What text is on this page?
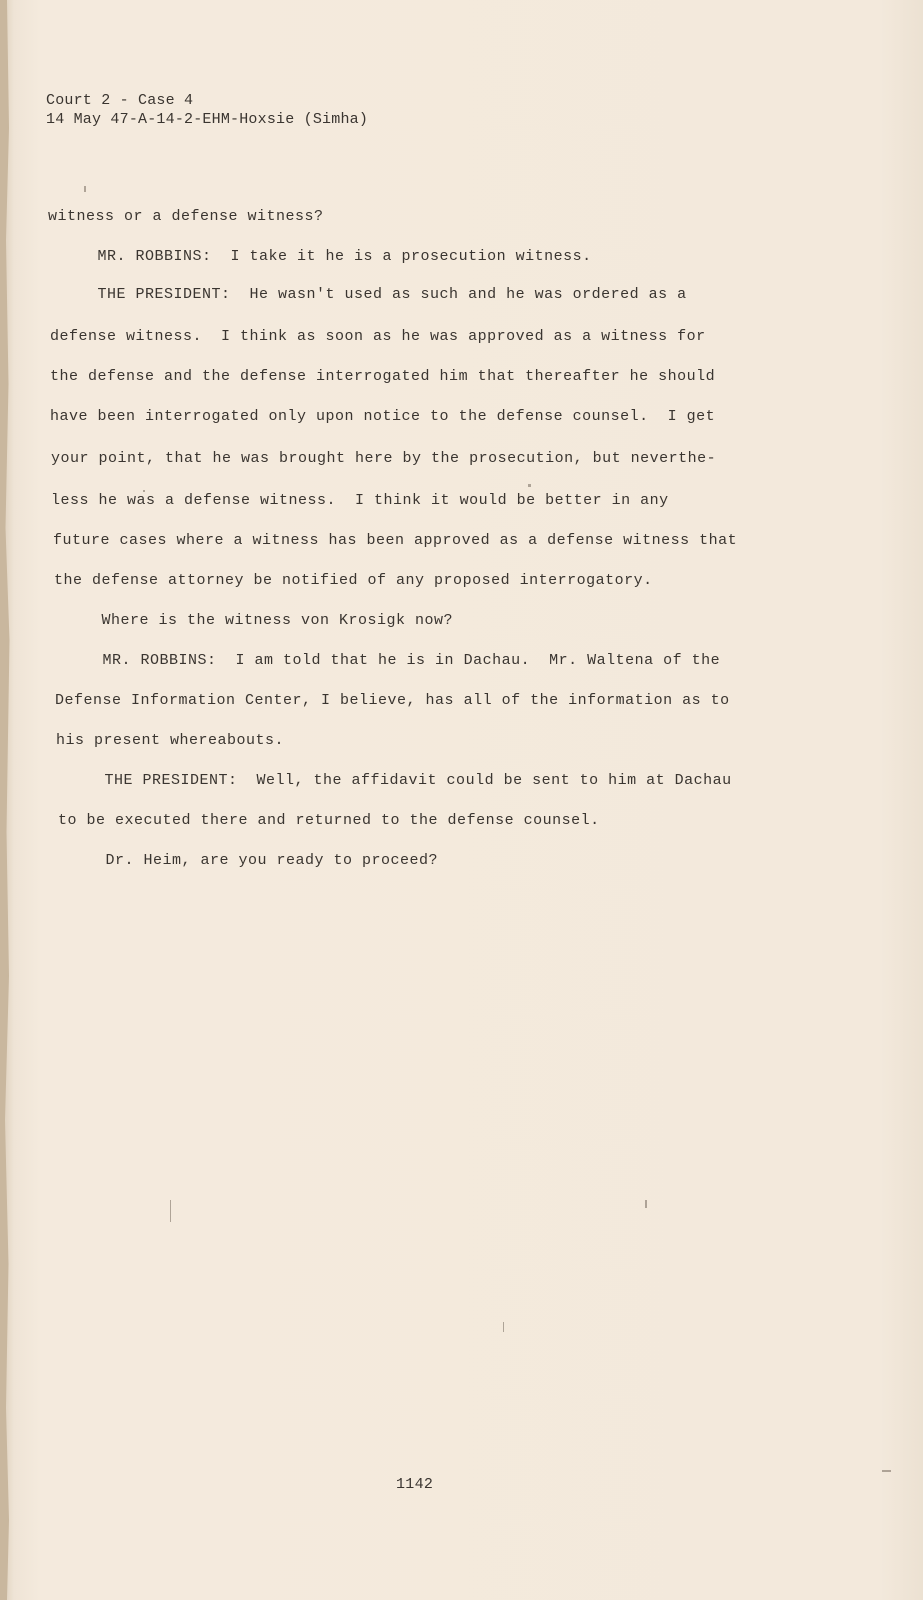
Court 2 - Case 4
14 May 47-A-14-2-EHM-Hoxsie (Simha)
witness or a defense witness?
MR. ROBBINS:  I take it he is a prosecution witness.
THE PRESIDENT:  He wasn't used as such and he was ordered as a
defense witness.  I think as soon as he was approved as a witness for
the defense and the defense interrogated him that thereafter he should
have been interrogated only upon notice to the defense counsel.  I get
your point, that he was brought here by the prosecution, but neverthe-
less he was a defense witness.  I think it would be better in any
future cases where a witness has been approved as a defense witness that
the defense attorney be notified of any proposed interrogatory.
Where is the witness von Krosigk now?
MR. ROBBINS:  I am told that he is in Dachau.  Mr. Waltena of the
Defense Information Center, I believe, has all of the information as to
his present whereabouts.
THE PRESIDENT:  Well, the affidavit could be sent to him at Dachau
to be executed there and returned to the defense counsel.
Dr. Heim, are you ready to proceed?
1142
